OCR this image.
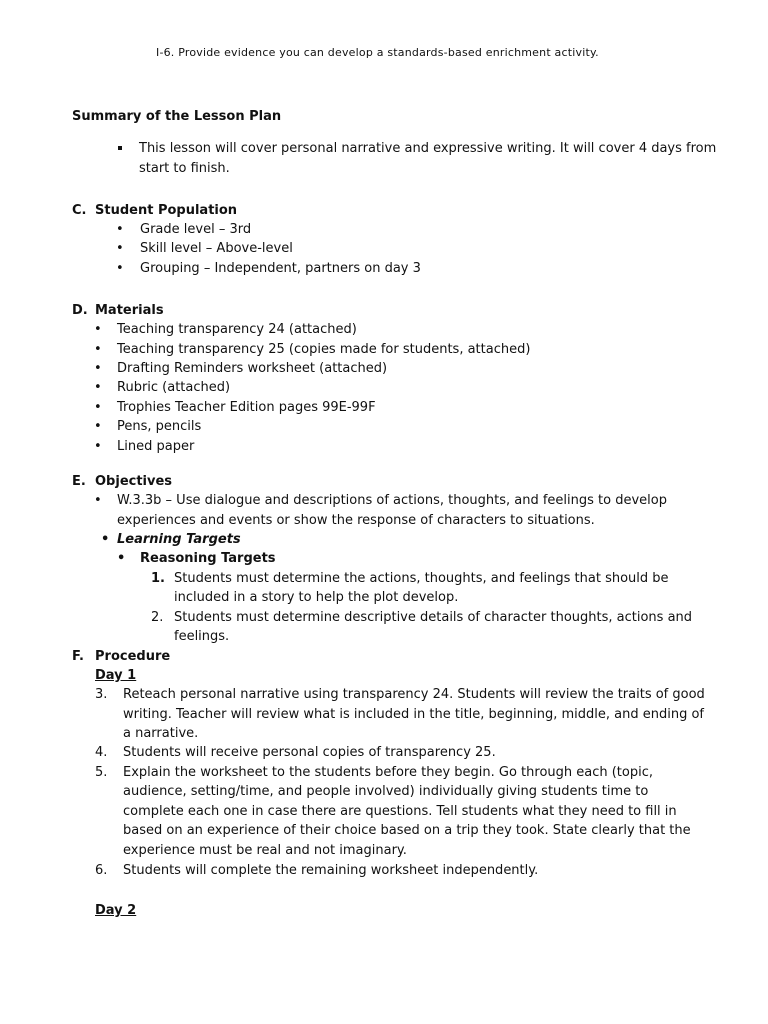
I-6. Provide evidence you can develop a standards-based enrichment activity.
Summary of the Lesson Plan
This lesson will cover personal narrative and expressive writing. It will cover 4 days from
start to finish.
C. Student Population
• Grade level – 3rd
• Skill level – Above-level
• Grouping – Independent, partners on day 3
D. Materials
• Teaching transparency 24 (attached)
• Teaching transparency 25 (copies made for students, attached)
• Drafting Reminders worksheet (attached)
• Rubric (attached)
• Trophies Teacher Edition pages 99E-99F
• Pens, pencils
• Lined paper
E. Objectives
• W.3.3b – Use dialogue and descriptions of actions, thoughts, and feelings to develop
experiences and events or show the response of characters to situations.
• Learning Targets
• Reasoning Targets
1. Students must determine the actions, thoughts, and feelings that should be
included in a story to help the plot develop.
2. Students must determine descriptive details of character thoughts, actions and
feelings.
F. Procedure
Day 1
3. Reteach personal narrative using transparency 24. Students will review the traits of good
writing. Teacher will review what is included in the title, beginning, middle, and ending of
a narrative.
4. Students will receive personal copies of transparency 25.
5. Explain the worksheet to the students before they begin. Go through each (topic,
audience, setting/time, and people involved) individually giving students time to
complete each one in case there are questions. Tell students what they need to fill in
based on an experience of their choice based on a trip they took. State clearly that the
experience must be real and not imaginary.
6. Students will complete the remaining worksheet independently.
Day 2
